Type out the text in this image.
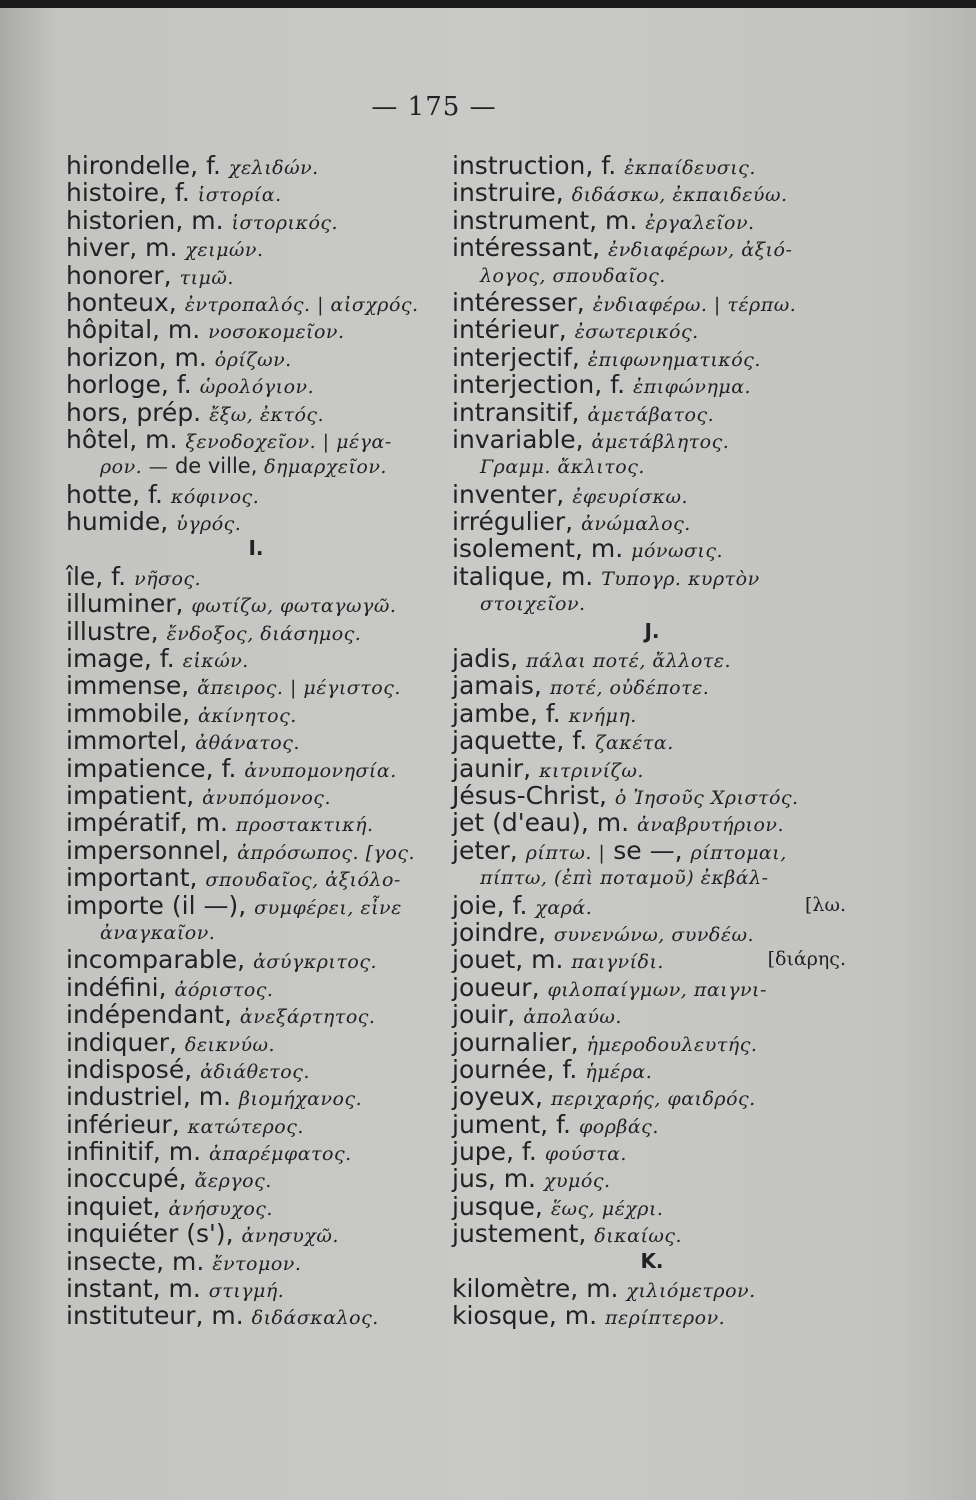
— 175 —
hirondelle, f. χελιδών.
histoire, f. ἱστορία.
historien, m. ἱστορικός.
hiver, m. χειμών.
honorer, τιμῶ.
honteux, ἐντροπαλός. | αἰσχρός.
hôpital, m. νοσοκομεῖον.
horizon, m. ὁρίζων.
horloge, f. ὡρολόγιον.
hors, prép. ἔξω, ἐκτός.
hôtel, m. ξενοδοχεῖον. | μέγα-
ρον. — de ville, δημαρχεῖον.
hotte, f. κόφινος.
humide, ὑγρός.
I.
île, f. νῆσος.
illuminer, φωτίζω, φωταγωγῶ.
illustre, ἔνδοξος, διάσημος.
image, f. εἰκών.
immense, ἄπειρος. | μέγιστος.
immobile, ἀκίνητος.
immortel, ἀθάνατος.
impatience, f. ἀνυπομονησία.
impatient, ἀνυπόμονος.
impératif, m. προστακτική.
impersonnel, ἀπρόσωπος. [γος.
important, σπουδαῖος, ἀξιόλο-
importe (il —), συμφέρει, εἶνε
ἀναγκαῖον.
incomparable, ἀσύγκριτος.
indéfini, ἀόριστος.
indépendant, ἀνεξάρτητος.
indiquer, δεικνύω.
indisposé, ἀδιάθετος.
industriel, m. βιομήχανος.
inférieur, κατώτερος.
infinitif, m. ἀπαρέμφατος.
inoccupé, ἄεργος.
inquiet, ἀνήσυχος.
inquiéter (s'), ἀνησυχῶ.
insecte, m. ἔντομον.
instant, m. στιγμή.
instituteur, m. διδάσκαλος.
instruction, f. ἐκπαίδευσις.
instruire, διδάσκω, ἐκπαιδεύω.
instrument, m. ἐργαλεῖον.
intéressant, ἐνδιαφέρων, ἀξιό-
λογος, σπουδαῖος.
intéresser, ἐνδιαφέρω. | τέρπω.
intérieur, ἐσωτερικός.
interjectif, ἐπιφωνηματικός.
interjection, f. ἐπιφώνημα.
intransitif, ἀμετάβατος.
invariable, ἀμετάβλητος.
Γραμμ. ἄκλιτος.
inventer, ἐφευρίσκω.
irrégulier, ἀνώμαλος.
isolement, m. μόνωσις.
italique, m. Τυπογρ. κυρτὸν
στοιχεῖον.
J.
jadis, πάλαι ποτέ, ἄλλοτε.
jamais, ποτέ, οὐδέποτε.
jambe, f. κνήμη.
jaquette, f. ζακέτα.
jaunir, κιτρινίζω.
Jésus-Christ, ὁ Ἰησοῦς Χριστός.
jet (d'eau), m. ἀναβρυτήριον.
jeter, ρίπτω. | se —, ρίπτομαι,
πίπτω, (ἐπὶ ποταμοῦ) ἐκβάλ-
joie, f. χαρά.	[λω.
joindre, συνενώνω, συνδέω.
jouet, m. παιγνίδι.	[διάρης.
joueur, φιλοπαίγμων, παιγνι-
jouir, ἀπολαύω.
journalier, ἡμεροδουλευτής.
journée, f. ἡμέρα.
joyeux, περιχαρής, φαιδρός.
jument, f. φορβάς.
jupe, f. φούστα.
jus, m. χυμός.
jusque, ἕως, μέχρι.
justement, δικαίως.
K.
kilomètre, m. χιλιόμετρον.
kiosque, m. περίπτερον.
